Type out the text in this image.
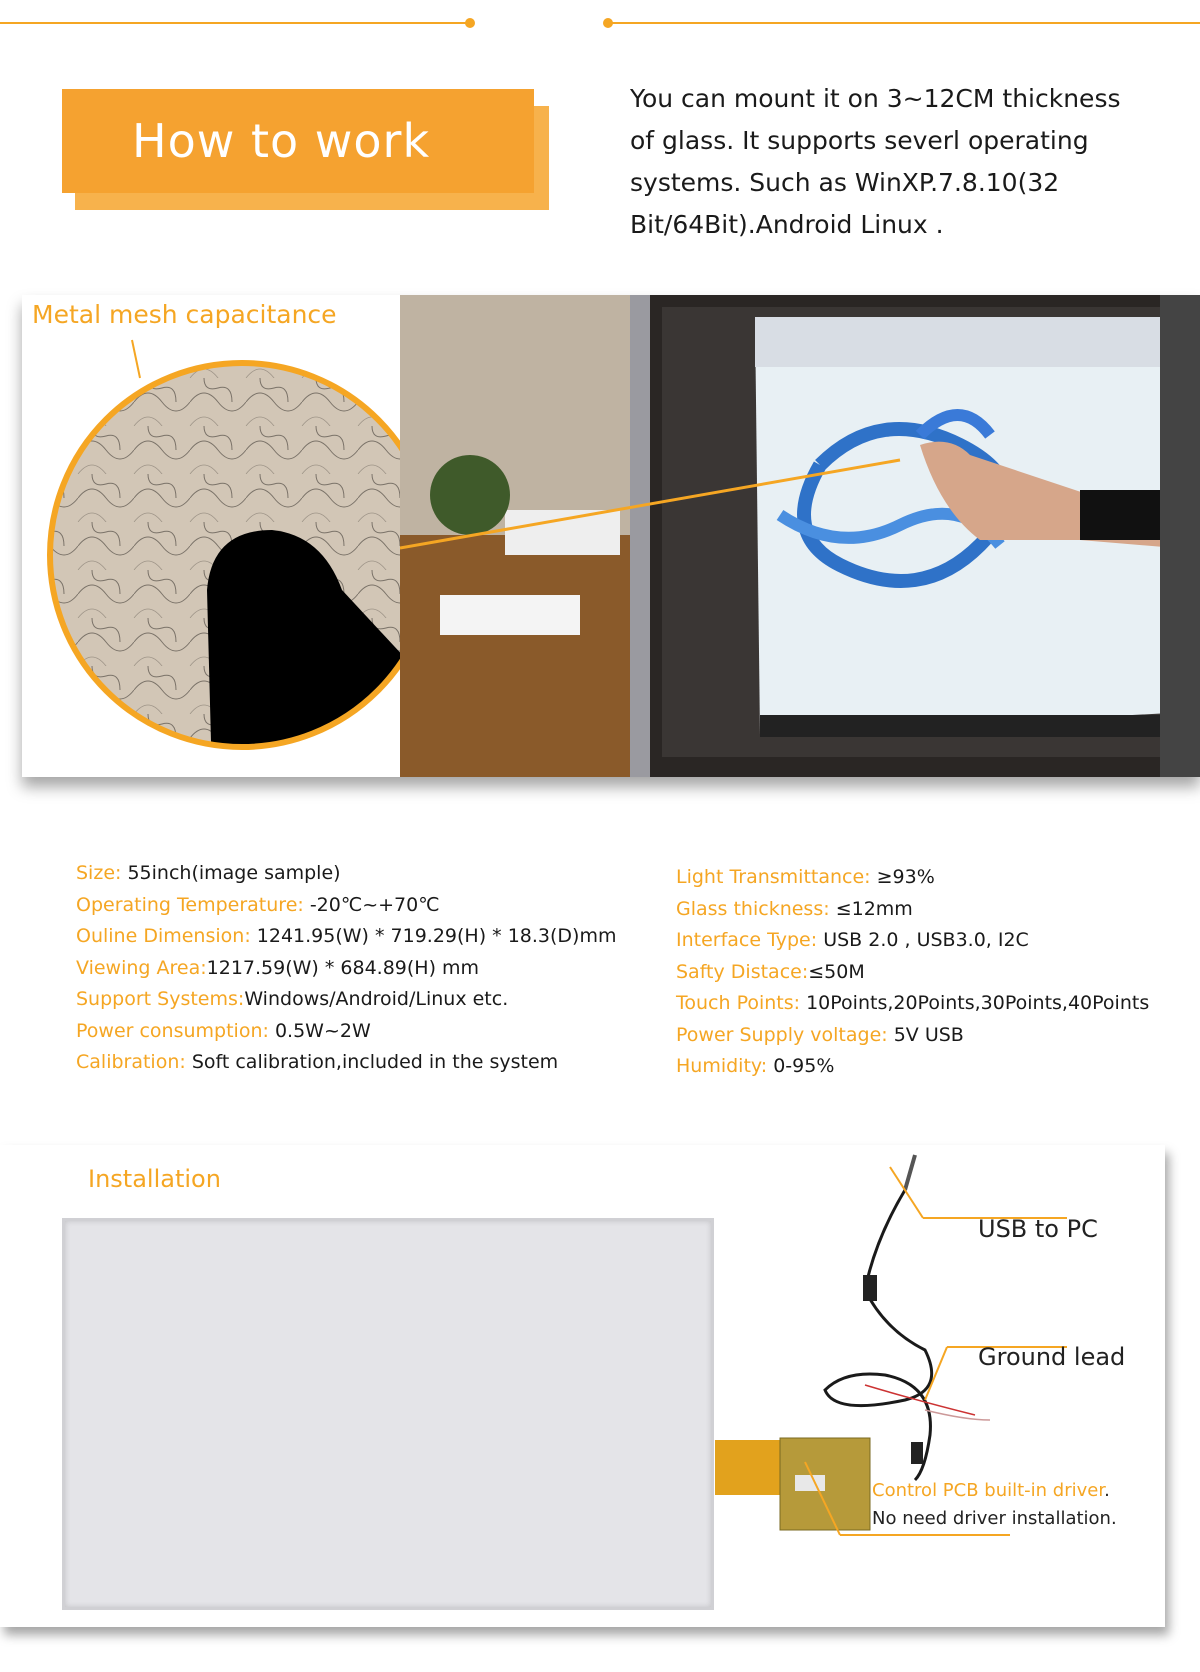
How to work
You can mount it on 3~12CM thickness of glass. It supports severl operating systems. Such as WinXP.7.8.10(32 Bit/64Bit).Android Linux .
Metal mesh capacitance
Size: 55inch(image sample)
Operating Temperature: -20℃~+70℃
Ouline Dimension: 1241.95(W) * 719.29(H) * 18.3(D)mm
Viewing Area:1217.59(W) * 684.89(H) mm
Support Systems:Windows/Android/Linux etc.
Power consumption: 0.5W~2W
Calibration: Soft calibration,included in the system
Light Transmittance: ≥93%
Glass thickness: ≤12mm
Interface Type: USB 2.0 , USB3.0, I2C
Safty Distace:≤50M
Touch Points: 10Points,20Points,30Points,40Points
Power Supply voltage: 5V USB
Humidity: 0-95%
Installation
USB to PC
Ground lead
Control PCB built-in driver.
No need driver installation.
